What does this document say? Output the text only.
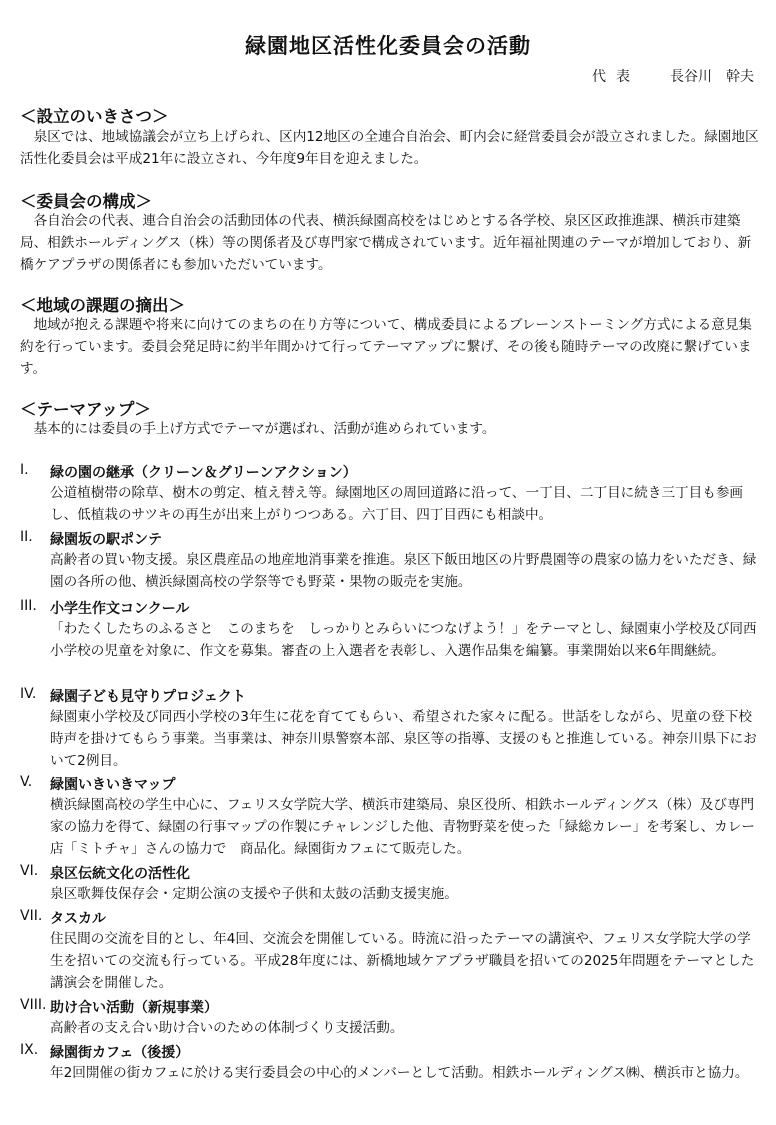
緑園地区活性化委員会の活動
代表 長谷川　幹夫
＜設立のいきさつ＞

泉区では、地域協議会が立ち上げられ、区内12地区の全連合自治会、町内会に経営委員会が設立されました。緑園地区活性化委員会は平成21年に設立され、今年度9年目を迎えました。

＜委員会の構成＞

各自治会の代表、連合自治会の活動団体の代表、横浜緑園高校をはじめとする各学校、泉区区政推進課、横浜市建築局、相鉄ホールディングス（株）等の関係者及び専門家で構成されています。近年福祉関連のテーマが増加しており、新橋ケアプラザの関係者にも参加いただいています。

＜地域の課題の摘出＞

地域が抱える課題や将来に向けてのまちの在り方等について、構成委員によるブレーンストーミング方式による意見集約を行っています。委員会発足時に約半年間かけて行ってテーマアップに繋げ、その後も随時テーマの改廃に繋げています。

＜テーマアップ＞

基本的には委員の手上げ方式でテーマが選ばれ、活動が進められています。

I. 緑の園の継承（クリーン＆グリーンアクション）

公道植樹帯の除草、樹木の剪定、植え替え等。緑園地区の周回道路に沿って、一丁目、二丁目に続き三丁目も参画し、低植栽のサツキの再生が出来上がりつつある。六丁目、四丁目西にも相談中。

II. 緑園坂の駅ポンテ

高齢者の買い物支援。泉区農産品の地産地消事業を推進。泉区下飯田地区の片野農園等の農家の協力をいただき、緑園の各所の他、横浜緑園高校の学祭等でも野菜・果物の販売を実施。

III. 小学生作文コンクール

「わたくしたちのふるさと　このまちを　しっかりとみらいにつなげよう！」をテーマとし、緑園東小学校及び同西小学校の児童を対象に、作文を募集。審査の上入選者を表彰し、入選作品集を編纂。事業開始以来6年間継続。

IV. 緑園子ども見守りプロジェクト

緑園東小学校及び同西小学校の3年生に花を育ててもらい、希望された家々に配る。世話をしながら、児童の登下校時声を掛けてもらう事業。当事業は、神奈川県警察本部、泉区等の指導、支援のもと推進している。神奈川県下において2例目。

V. 緑園いきいきマップ

横浜緑園高校の学生中心に、フェリス女学院大学、横浜市建築局、泉区役所、相鉄ホールディングス（株）及び専門家の協力を得て、緑園の行事マップの作製にチャレンジした他、青物野菜を使った「緑総カレー」を考案し、カレー店「ミトチャ」さんの協力で　商品化。緑園街カフェにて販売した。

VI. 泉区伝統文化の活性化

泉区歌舞伎保存会・定期公演の支援や子供和太鼓の活動支援実施。

VII. タスカル

住民間の交流を目的とし、年4回、交流会を開催している。時流に沿ったテーマの講演や、フェリス女学院大学の学生を招いての交流も行っている。平成28年度には、新橋地域ケアプラザ職員を招いての2025年問題をテーマとした講演会を開催した。

VIII. 助け合い活動（新規事業）

高齢者の支え合い助け合いのための体制づくり支援活動。

IX. 緑園街カフェ（後援）

年2回開催の街カフェに於ける実行委員会の中心的メンバーとして活動。相鉄ホールディングス㈱、横浜市と協力。
